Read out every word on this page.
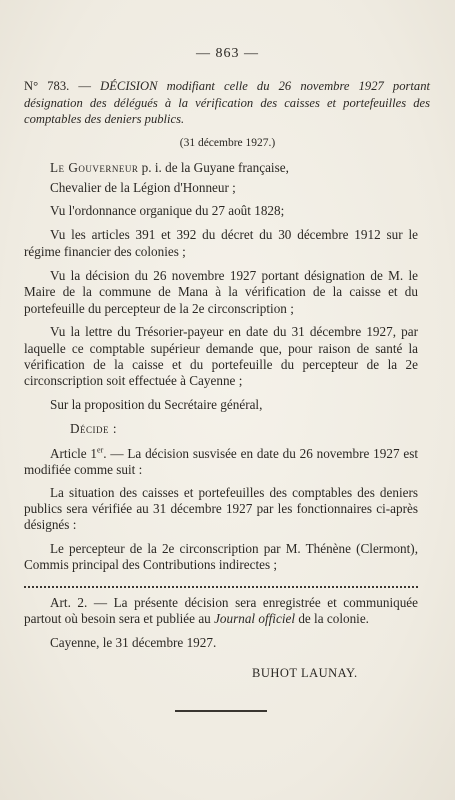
— 863 —
N° 783. — DÉCISION modifiant celle du 26 novembre 1927 portant désignation des délégués à la vérification des caisses et portefeuilles des comptables des deniers publics.
(31 décembre 1927.)

Le Gouverneur p. i. de la Guyane française,

Chevalier de la Légion d'Honneur ;

Vu l'ordonnance organique du 27 août 1828;

Vu les articles 391 et 392 du décret du 30 décembre 1912 sur le régime financier des colonies ;

Vu la décision du 26 novembre 1927 portant désignation de M. le Maire de la commune de Mana à la vérification de la caisse et du portefeuille du percepteur de la 2e circonscription ;

Vu la lettre du Trésorier-payeur en date du 31 décembre 1927, par laquelle ce comptable supérieur demande que, pour raison de santé la vérification de la caisse et du portefeuille du percepteur de la 2e circonscription soit effectuée à Cayenne ;

Sur la proposition du Secrétaire général,

Décide :

Article 1er. — La décision susvisée en date du 26 novembre 1927 est modifiée comme suit :

La situation des caisses et portefeuilles des comptables des deniers publics sera vérifiée au 31 décembre 1927 par les fonctionnaires ci-après désignés :

Le percepteur de la 2e circonscription par M. Thénène (Clermont), Commis principal des Contributions indirectes ;

Art. 2. — La présente décision sera enregistrée et communiquée partout où besoin sera et publiée au Journal officiel de la colonie.

Cayenne, le 31 décembre 1927.

BUHOT LAUNAY.
